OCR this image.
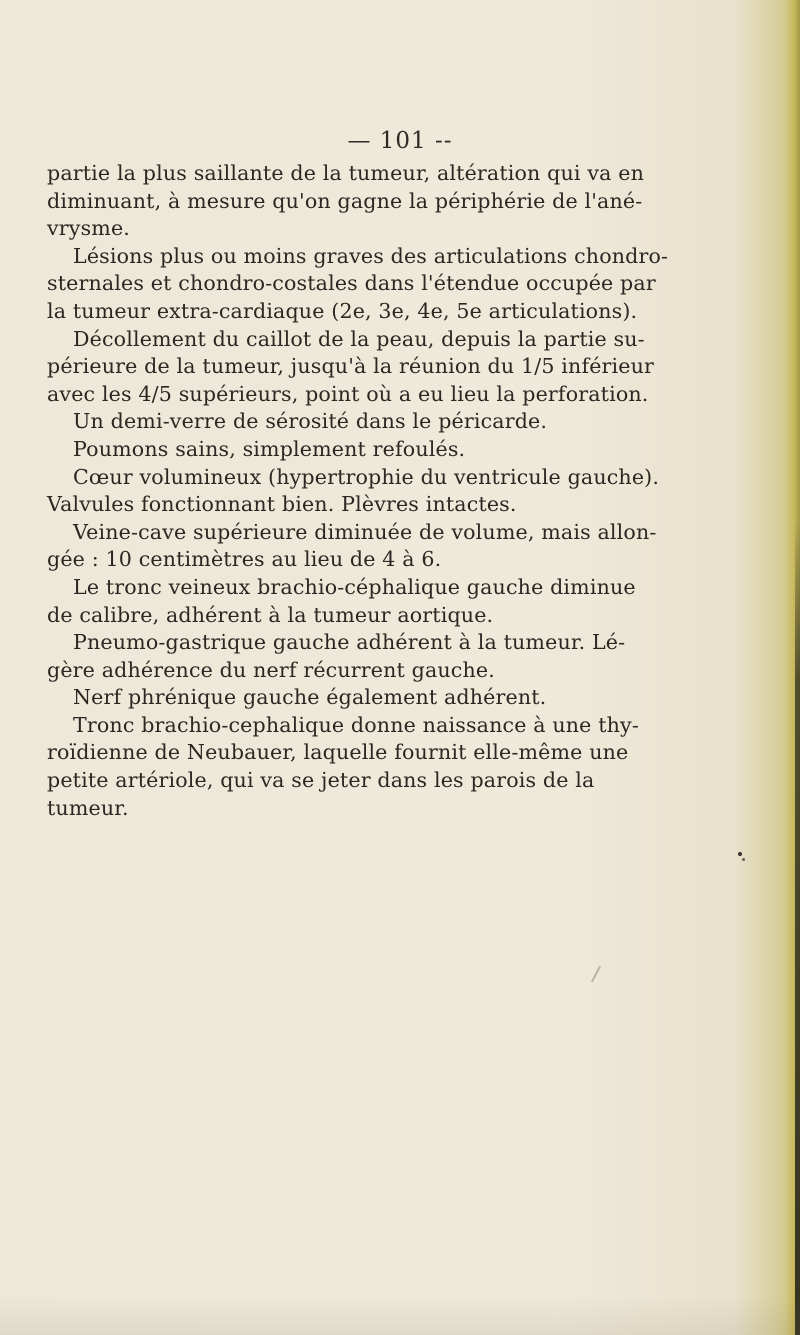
— 101 --
partie la plus saillante de la tumeur, altération qui va en
diminuant, à mesure qu'on gagne la périphérie de l'ané-
vrysme.
Lésions plus ou moins graves des articulations chondro-
sternales et chondro-costales dans l'étendue occupée par
la tumeur extra-cardiaque (2e, 3e, 4e, 5e articulations).
Décollement du caillot de la peau, depuis la partie su-
périeure de la tumeur, jusqu'à la réunion du 1/5 inférieur
avec les 4/5 supérieurs, point où a eu lieu la perforation.
Un demi-verre de sérosité dans le péricarde.
Poumons sains, simplement refoulés.
Cœur volumineux (hypertrophie du ventricule gauche).
Valvules fonctionnant bien. Plèvres intactes.
Veine-cave supérieure diminuée de volume, mais allon-
gée : 10 centimètres au lieu de 4 à 6.
Le tronc veineux brachio-céphalique gauche diminue
de calibre, adhérent à la tumeur aortique.
Pneumo-gastrique gauche adhérent à la tumeur. Lé-
gère adhérence du nerf récurrent gauche.
Nerf phrénique gauche également adhérent.
Tronc brachio-cephalique donne naissance à une thy-
roïdienne de Neubauer, laquelle fournit elle-même une
petite artériole, qui va se jeter dans les parois de la
tumeur.
